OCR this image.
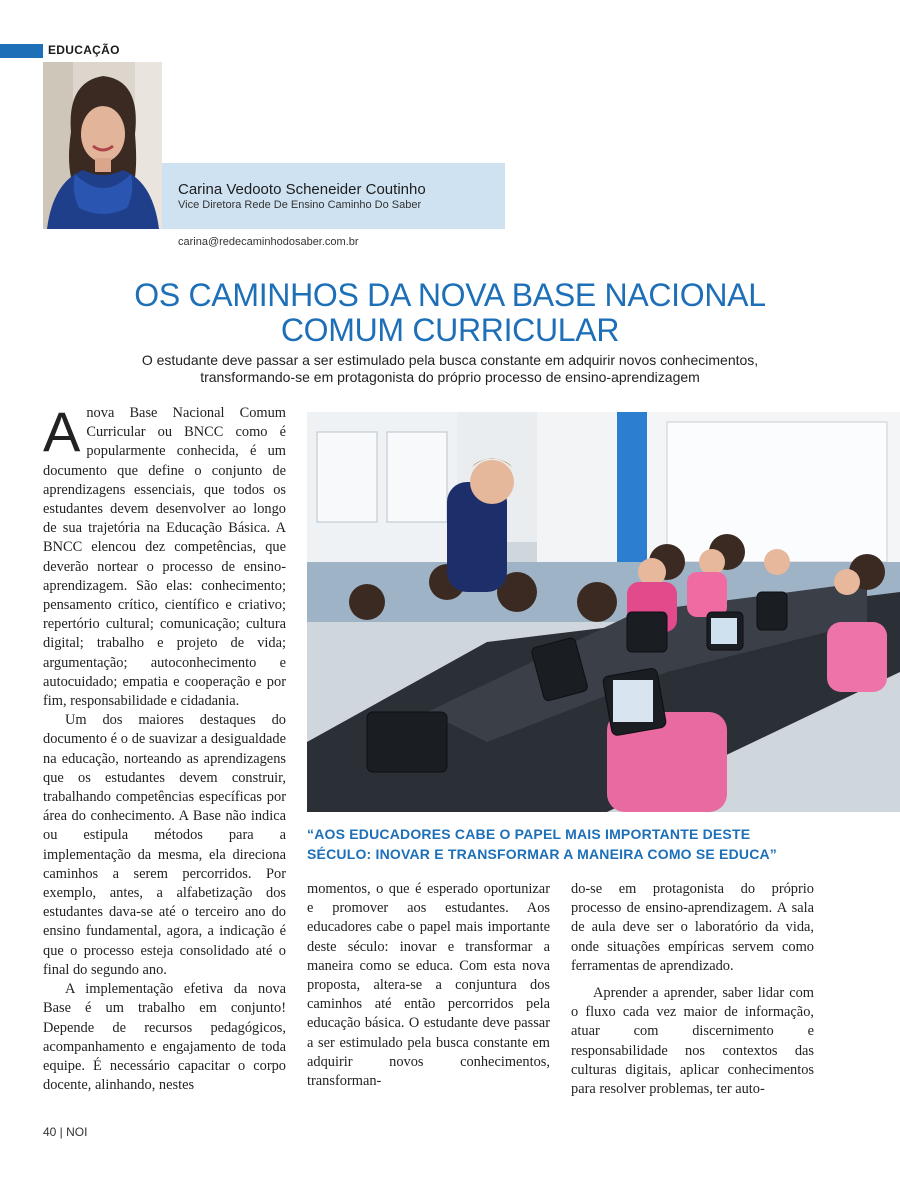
EDUCAÇÃO
Carina Vedooto Scheneider Coutinho
Vice Diretora Rede De Ensino Caminho Do Saber
carina@redecaminhodosaber.com.br
OS CAMINHOS DA NOVA BASE NACIONAL
COMUM CURRICULAR
O estudante deve passar a ser estimulado pela busca constante em adquirir novos conhecimentos,
transformando-se em protagonista do próprio processo de ensino-aprendizagem

Anova Base Nacional Comum Curricular ou BNCC como é popularmente conhecida, é um documento que define o conjunto de aprendizagens essenciais, que todos os estudantes devem desenvolver ao longo de sua trajetória na Educação Básica. A BNCC elencou dez competências, que deverão nortear o processo de ensino-aprendizagem. São elas: conhecimento; pensamento crítico, científico e criativo; repertório cultural; comunicação; cultura digital; trabalho e projeto de vida; argumentação; autoconhecimento e autocuidado; empatia e cooperação e por fim, responsabilidade e cidadania.

Um dos maiores destaques do documento é o de suavizar a desigualdade na educação, norteando as aprendizagens que os estudantes devem construir, trabalhando competências específicas por área do conhecimento. A Base não indica ou estipula métodos para a implementação da mesma, ela direciona caminhos a serem percorridos. Por exemplo, antes, a alfabetização dos estudantes dava-se até o terceiro ano do ensino fundamental, agora, a indicação é que o processo esteja consolidado até o final do segundo ano.

A implementação efetiva da nova Base é um trabalho em conjunto! Depende de recursos pedagógicos, acompanhamento e engajamento de toda equipe. É necessário capacitar o corpo docente, alinhando, nestes

“AOS EDUCADORES CABE O PAPEL MAIS IMPORTANTE DESTE
SÉCULO: INOVAR E TRANSFORMAR A MANEIRA COMO SE EDUCA”

momentos, o que é esperado oportunizar e promover aos estudantes. Aos educadores cabe o papel mais importante deste século: inovar e transformar a maneira como se educa. Com esta nova proposta, altera-se a conjuntura dos caminhos até então percorridos pela educação básica. O estudante deve passar a ser estimulado pela busca constante em adquirir novos conhecimentos, transforman-

do-se em protagonista do próprio processo de ensino-aprendizagem. A sala de aula deve ser o laboratório da vida, onde situações empíricas servem como ferramentas de aprendizado.

Aprender a aprender, saber lidar com o fluxo cada vez maior de informação, atuar com discernimento e responsabilidade nos contextos das culturas digitais, aplicar conhecimentos para resolver problemas, ter auto-

40 | NOI
